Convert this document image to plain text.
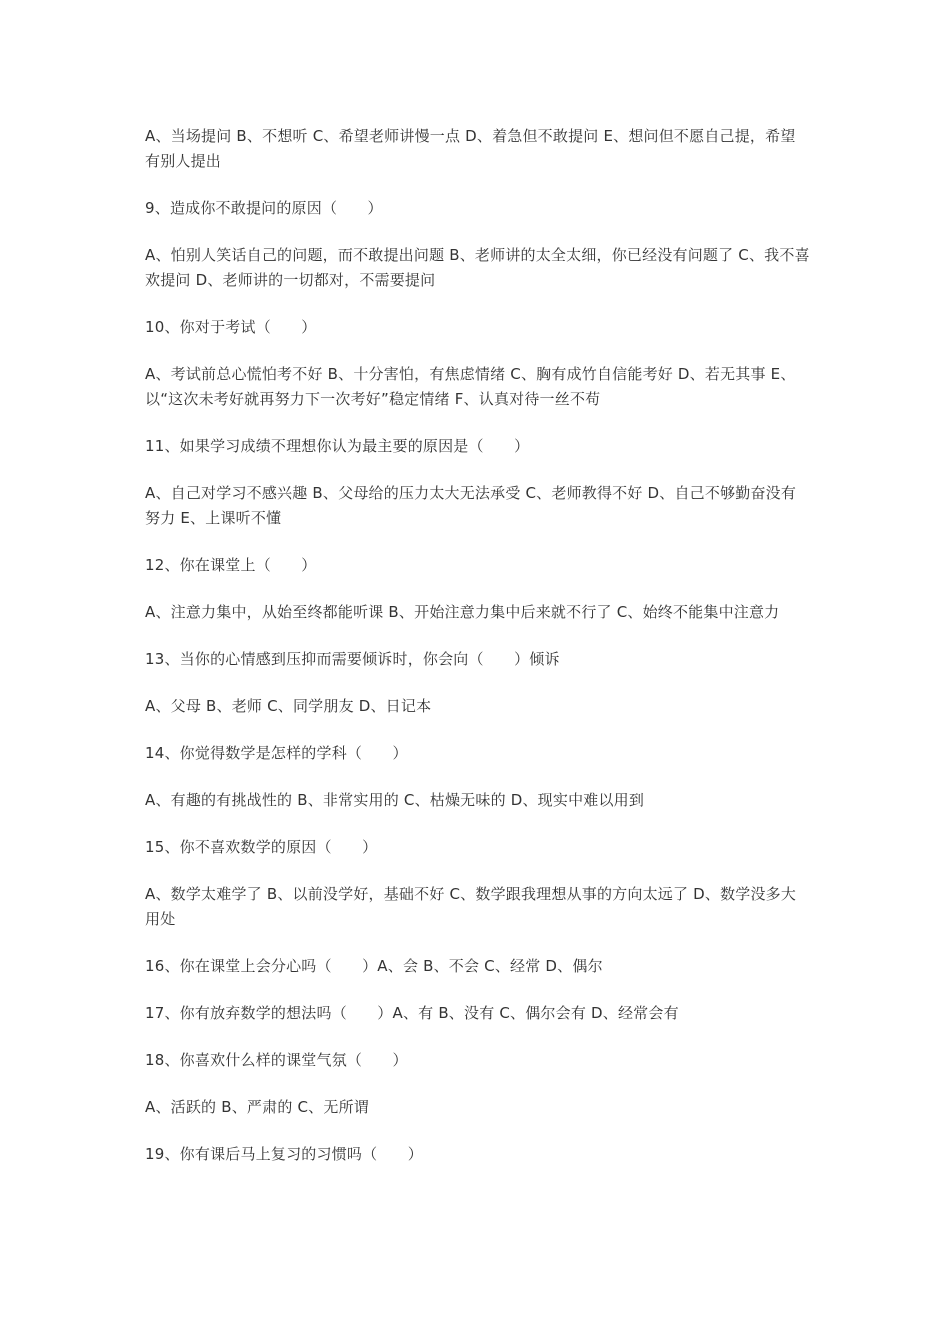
A、当场提问 B、不想听 C、希望老师讲慢一点 D、着急但不敢提问 E、想问但不愿自己提，希望有别人提出

9、造成你不敢提问的原因（　　）

A、怕别人笑话自己的问题，而不敢提出问题 B、老师讲的太全太细，你已经没有问题了 C、我不喜欢提问 D、老师讲的一切都对，不需要提问

10、你对于考试（　　）

A、考试前总心慌怕考不好 B、十分害怕，有焦虑情绪 C、胸有成竹自信能考好 D、若无其事 E、以“这次未考好就再努力下一次考好”稳定情绪 F、认真对待一丝不苟

11、如果学习成绩不理想你认为最主要的原因是（　　）

A、自己对学习不感兴趣 B、父母给的压力太大无法承受 C、老师教得不好 D、自己不够勤奋没有努力 E、上课听不懂

12、你在课堂上（　　）

A、注意力集中，从始至终都能听课 B、开始注意力集中后来就不行了 C、始终不能集中注意力

13、当你的心情感到压抑而需要倾诉时，你会向（　　）倾诉

A、父母 B、老师 C、同学朋友 D、日记本

14、你觉得数学是怎样的学科（　　）

A、有趣的有挑战性的 B、非常实用的 C、枯燥无味的 D、现实中难以用到

15、你不喜欢数学的原因（　　）

A、数学太难学了 B、以前没学好，基础不好 C、数学跟我理想从事的方向太远了 D、数学没多大用处

16、你在课堂上会分心吗（　　）A、会 B、不会 C、经常 D、偶尔

17、你有放弃数学的想法吗（　　）A、有 B、没有 C、偶尔会有 D、经常会有

18、你喜欢什么样的课堂气氛（　　）

A、活跃的 B、严肃的 C、无所谓

19、你有课后马上复习的习惯吗（　　）
